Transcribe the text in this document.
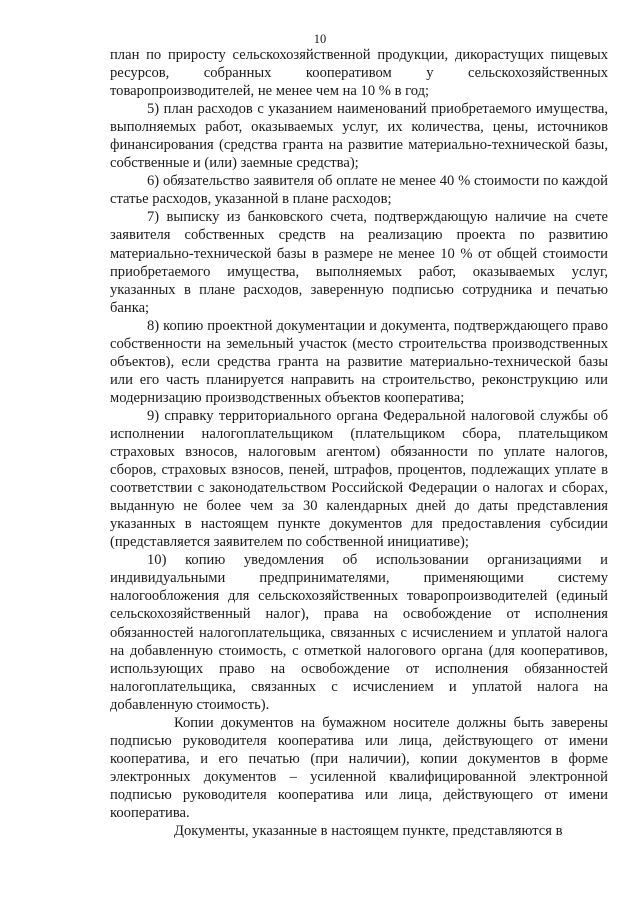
10

план по приросту сельскохозяйственной продукции, дикорастущих пищевых ресурсов, собранных кооперативом у сельскохозяйственных товаропроизводителей, не менее чем на 10 % в год;

5) план расходов с указанием наименований приобретаемого имущества, выполняемых работ, оказываемых услуг, их количества, цены, источников финансирования (средства гранта на развитие материально-технической базы, собственные и (или) заемные средства);

6) обязательство заявителя об оплате не менее 40 % стоимости по каждой статье расходов, указанной в плане расходов;

7) выписку из банковского счета, подтверждающую наличие на счете заявителя собственных средств на реализацию проекта по развитию материально-технической базы в размере не менее 10 % от общей стоимости приобретаемого имущества, выполняемых работ, оказываемых услуг, указанных в плане расходов, заверенную подписью сотрудника и печатью банка;

8) копию проектной документации и документа, подтверждающего право собственности на земельный участок (место строительства производственных объектов), если средства гранта на развитие материально-технической базы или его часть планируется направить на строительство, реконструкцию или модернизацию производственных объектов кооператива;

9) справку территориального органа Федеральной налоговой службы об исполнении налогоплательщиком (плательщиком сбора, плательщиком страховых взносов, налоговым агентом) обязанности по уплате налогов, сборов, страховых взносов, пеней, штрафов, процентов, подлежащих уплате в соответствии с законодательством Российской Федерации о налогах и сборах, выданную не более чем за 30 календарных дней до даты представления указанных в настоящем пункте документов для предоставления субсидии (представляется заявителем по собственной инициативе);

10) копию уведомления об использовании организациями и индивидуальными предпринимателями, применяющими систему налогообложения для сельскохозяйственных товаропроизводителей (единый сельскохозяйственный налог), права на освобождение от исполнения обязанностей налогоплательщика, связанных с исчислением и уплатой налога на добавленную стоимость, с отметкой налогового органа (для кооперативов, использующих право на освобождение от исполнения обязанностей налогоплательщика, связанных с исчислением и уплатой налога на добавленную стоимость).

Копии документов на бумажном носителе должны быть заверены подписью руководителя кооператива или лица, действующего от имени кооператива, и его печатью (при наличии), копии документов в форме электронных документов – усиленной квалифицированной электронной подписью руководителя кооператива или лица, действующего от имени кооператива.

Документы, указанные в настоящем пункте, представляются в
